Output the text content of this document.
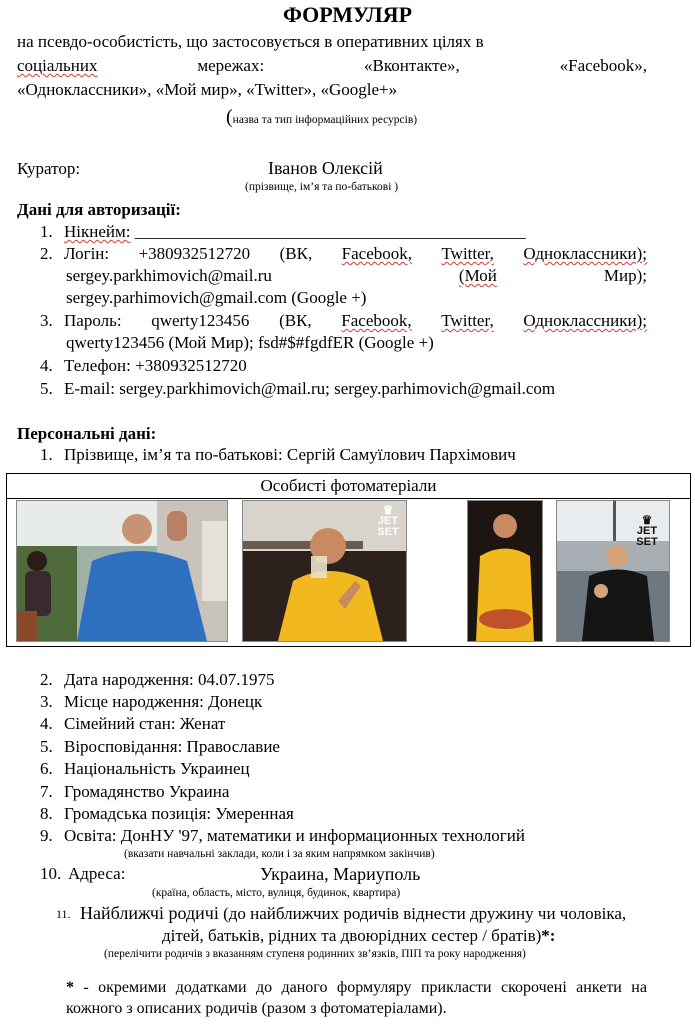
ФОРМУЛЯР
на псевдо-особистість, що застосовується в оперативних цілях в
соціальних	мережах:	«Вконтакте»,	«Facebook»,
«Одноклассники», «Мой мир», «Twitter», «Google+»
(назва та тип інформаційних ресурсів)
Куратор:	Іванов Олексій
(прізвище, ім’я та по-батькові )
Дані для авторизації:
1. Нікнейм: ______________________________________________
2. Логін: +380932512720 (ВК, Facebook, Twitter, Одноклассники);
sergey.parkhimovich@mail.ru	(Мой	Мир);
sergey.parhimovich@gmail.com (Google +)
3. Пароль: qwerty123456 (ВК, Facebook, Twitter, Одноклассники);
qwerty123456 (Мой Мир); fsd#$#fgdfER (Google +)
4. Телефон: +380932512720
5. E-mail: sergey.parkhimovich@mail.ru; sergey.parhimovich@gmail.com
Персональні дані:
1. Прізвище, ім’я та по-батькові: Сергій Самуїлович Пархімович
Особисті фотоматеріали
♛
JET SET
♛
JET SET
2. Дата народження: 04.07.1975
3. Місце народження: Донецк
4. Сімейний стан: Женат
5. Віросповідання: Православие
6. Національність Украинец
7. Громадянство Украина
8. Громадська позиція: Умеренная
9. Освіта: ДонНУ '97, математики и информационных технологий
(вказати навчальні заклади, коли і за яким напрямком закінчив)
10. Адреса:	Украина, Мариуполь
(країна, область, місто, вулиця, будинок, квартира)
11. Найближчі родичі (до найближчих родичів віднести дружину чи чоловіка,
дітей, батьків, рідних та двоюрідних сестер / братів)*:
(перелічити родичів з вказанням ступеня родинних зв’язків, ПІП та року народження)
* - окремими додатками до даного формуляру прикласти скорочені анкети на
кожного з описаних родичів (разом з фотоматеріалами).
